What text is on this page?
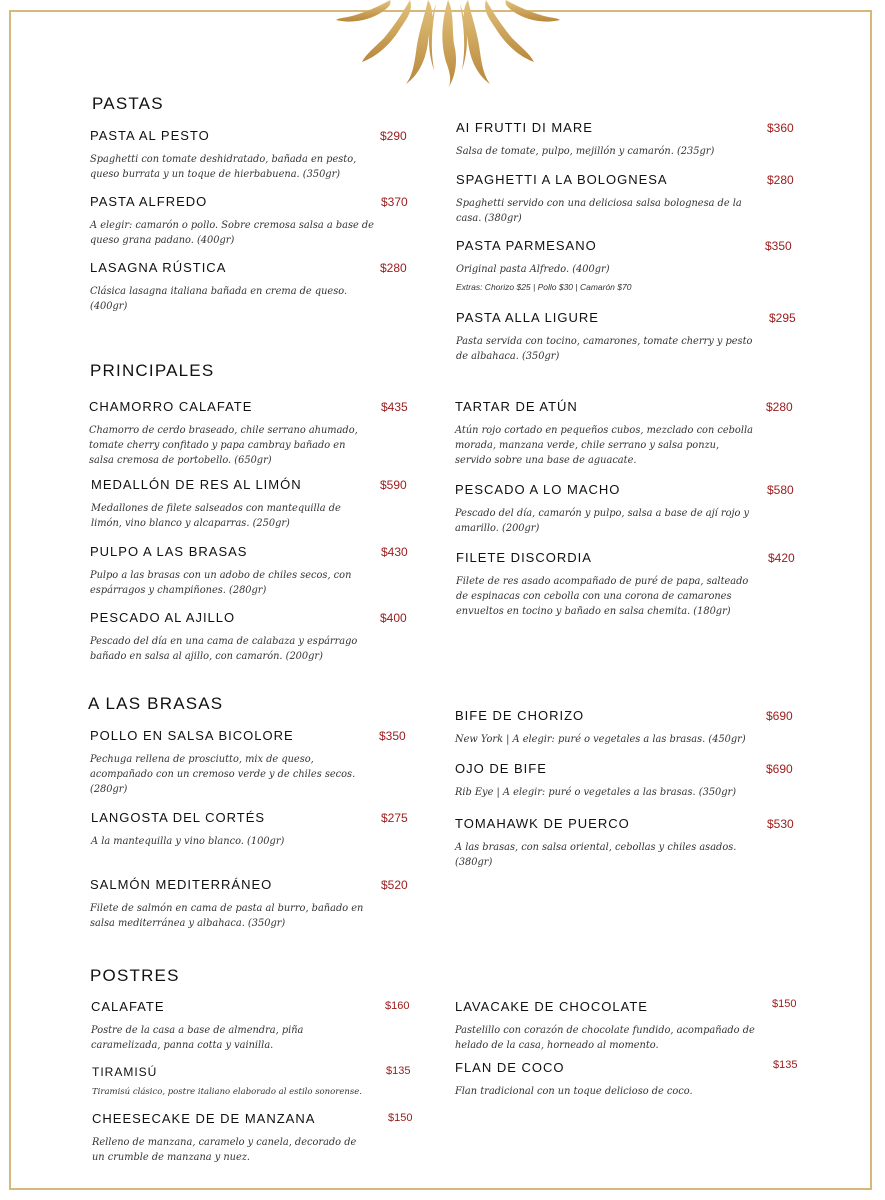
PASTAS
PASTA AL PESTO	$290
Spaghetti con tomate deshidratado, bañada en pesto, queso burrata y un toque de hierbabuena. (350gr)
PASTA ALFREDO	$370
A elegir: camarón o pollo. Sobre cremosa salsa a base de queso grana padano. (400gr)
LASAGNA RÚSTICA	$280
Clásica lasagna italiana bañada en crema de queso. (400gr)
AI FRUTTI DI MARE	$360
Salsa de tomate, pulpo, mejillón y camarón. (235gr)
SPAGHETTI A LA BOLOGNESA	$280
Spaghetti servido con una deliciosa salsa bolognesa de la casa. (380gr)
PASTA PARMESANO	$350
Original pasta Alfredo. (400gr)
Extras: Chorizo $25 | Pollo $30 | Camarón $70
PASTA ALLA LIGURE	$295
Pasta servida con tocino, camarones, tomate cherry y pesto de albahaca. (350gr)
PRINCIPALES
CHAMORRO CALAFATE	$435
Chamorro de cerdo braseado, chile serrano ahumado, tomate cherry confitado y papa cambray bañado en salsa cremosa de portobello. (650gr)
MEDALLÓN DE RES AL LIMÓN	$590
Medallones de filete salseados con mantequilla de limón, vino blanco y alcaparras. (250gr)
PULPO A LAS BRASAS	$430
Pulpo a las brasas con un adobo de chiles secos, con espárragos y champiñones. (280gr)
PESCADO AL AJILLO	$400
Pescado del día en una cama de calabaza y espárrago bañado en salsa al ajillo, con camarón. (200gr)
TARTAR DE ATÚN	$280
Atún rojo cortado en pequeños cubos, mezclado con cebolla morada, manzana verde, chile serrano y salsa ponzu, servido sobre una base de aguacate.
PESCADO A LO MACHO	$580
Pescado del día, camarón y pulpo, salsa a base de ají rojo y amarillo. (200gr)
FILETE DISCORDIA	$420
Filete de res asado acompañado de puré de papa, salteado de espinacas con cebolla con una corona de camarones envueltos en tocino y bañado en salsa chemita. (180gr)
A LAS BRASAS
POLLO EN SALSA BICOLORE	$350
Pechuga rellena de prosciutto, mix de queso, acompañado con un cremoso verde y de chiles secos. (280gr)
LANGOSTA DEL CORTÉS	$275
A la mantequilla y vino blanco. (100gr)
SALMÓN MEDITERRÁNEO	$520
Filete de salmón en cama de pasta al burro, bañado en salsa mediterránea y albahaca. (350gr)
BIFE DE CHORIZO	$690
New York | A elegir: puré o vegetales a las brasas. (450gr)
OJO DE BIFE	$690
Rib Eye | A elegir: puré o vegetales a las brasas. (350gr)
TOMAHAWK DE PUERCO	$530
A las brasas, con salsa oriental, cebollas y chiles asados. (380gr)
POSTRES
CALAFATE	$160
Postre de la casa a base de almendra, piña caramelizada, panna cotta y vainilla.
TIRAMISÚ	$135
Tiramisú clásico, postre italiano elaborado al estilo sonorense.
CHEESECAKE DE DE MANZANA	$150
Relleno de manzana, caramelo y canela, decorado de un crumble de manzana y nuez.
LAVACAKE DE CHOCOLATE	$150
Pastelillo con corazón de chocolate fundido, acompañado de helado de la casa, horneado al momento.
FLAN DE COCO	$135
Flan tradicional con un toque delicioso de coco.
